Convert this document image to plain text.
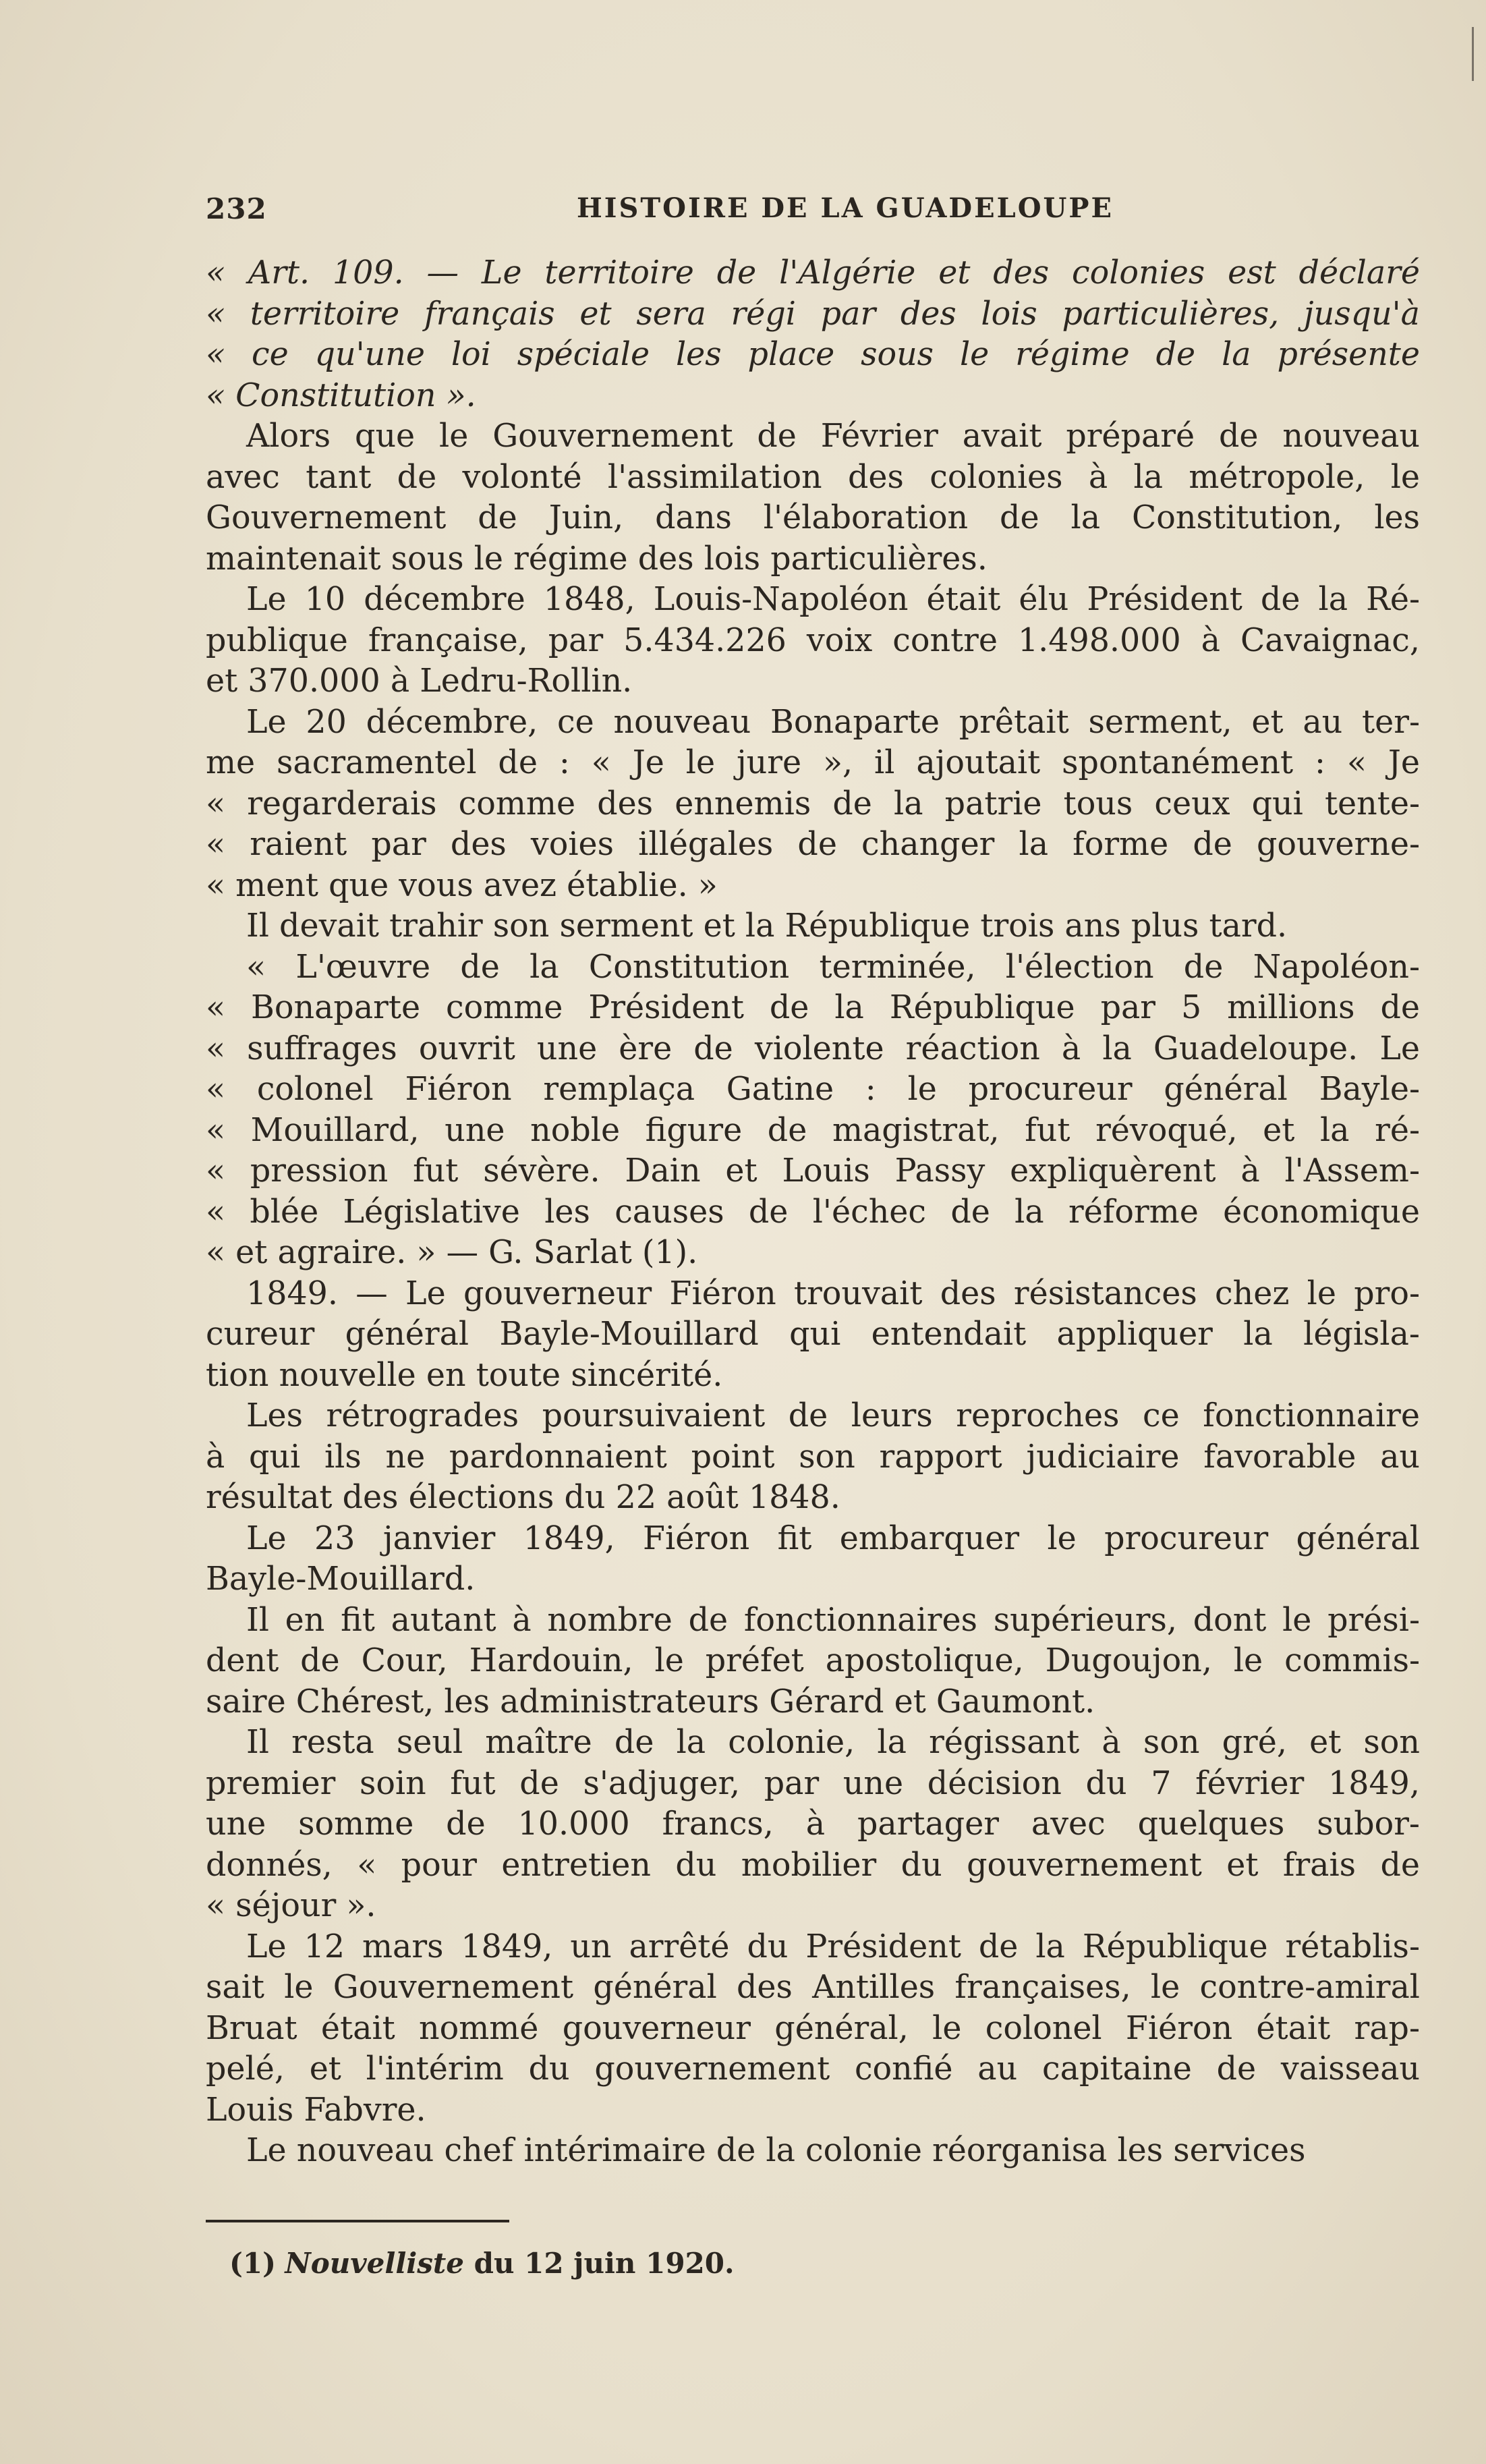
232	HISTOIRE DE LA GUADELOUPE
« Art. 109. — Le territoire de l'Algérie et des colonies est déclaré
« territoire français et sera régi par des lois particulières, jusqu'à
« ce qu'une loi spéciale les place sous le régime de la présente
« Constitution ».
Alors que le Gouvernement de Février avait préparé de nouveau
avec tant de volonté l'assimilation des colonies à la métropole, le
Gouvernement de Juin, dans l'élaboration de la Constitution, les
maintenait sous le régime des lois particulières.
Le 10 décembre 1848, Louis-Napoléon était élu Président de la Ré-
publique française, par 5.434.226 voix contre 1.498.000 à Cavaignac,
et 370.000 à Ledru-Rollin.
Le 20 décembre, ce nouveau Bonaparte prêtait serment, et au ter-
me sacramentel de : « Je le jure », il ajoutait spontanément : « Je
« regarderais comme des ennemis de la patrie tous ceux qui tente-
« raient par des voies illégales de changer la forme de gouverne-
« ment que vous avez établie. »
Il devait trahir son serment et la République trois ans plus tard.
« L'œuvre de la Constitution terminée, l'élection de Napoléon-
« Bonaparte comme Président de la République par 5 millions de
« suffrages ouvrit une ère de violente réaction à la Guadeloupe. Le
« colonel Fiéron remplaça Gatine : le procureur général Bayle-
« Mouillard, une noble figure de magistrat, fut révoqué, et la ré-
« pression fut sévère. Dain et Louis Passy expliquèrent à l'Assem-
« blée Législative les causes de l'échec de la réforme économique
« et agraire. » — G. Sarlat (1).
1849. — Le gouverneur Fiéron trouvait des résistances chez le pro-
cureur général Bayle-Mouillard qui entendait appliquer la législa-
tion nouvelle en toute sincérité.
Les rétrogrades poursuivaient de leurs reproches ce fonctionnaire
à qui ils ne pardonnaient point son rapport judiciaire favorable au
résultat des élections du 22 août 1848.
Le 23 janvier 1849, Fiéron fit embarquer le procureur général
Bayle-Mouillard.
Il en fit autant à nombre de fonctionnaires supérieurs, dont le prési-
dent de Cour, Hardouin, le préfet apostolique, Dugoujon, le commis-
saire Chérest, les administrateurs Gérard et Gaumont.
Il resta seul maître de la colonie, la régissant à son gré, et son
premier soin fut de s'adjuger, par une décision du 7 février 1849,
une somme de 10.000 francs, à partager avec quelques subor-
donnés, « pour entretien du mobilier du gouvernement et frais de
« séjour ».
Le 12 mars 1849, un arrêté du Président de la République rétablis-
sait le Gouvernement général des Antilles françaises, le contre-amiral
Bruat était nommé gouverneur général, le colonel Fiéron était rap-
pelé, et l'intérim du gouvernement confié au capitaine de vaisseau
Louis Fabvre.
Le nouveau chef intérimaire de la colonie réorganisa les services
(1) Nouvelliste du 12 juin 1920.
